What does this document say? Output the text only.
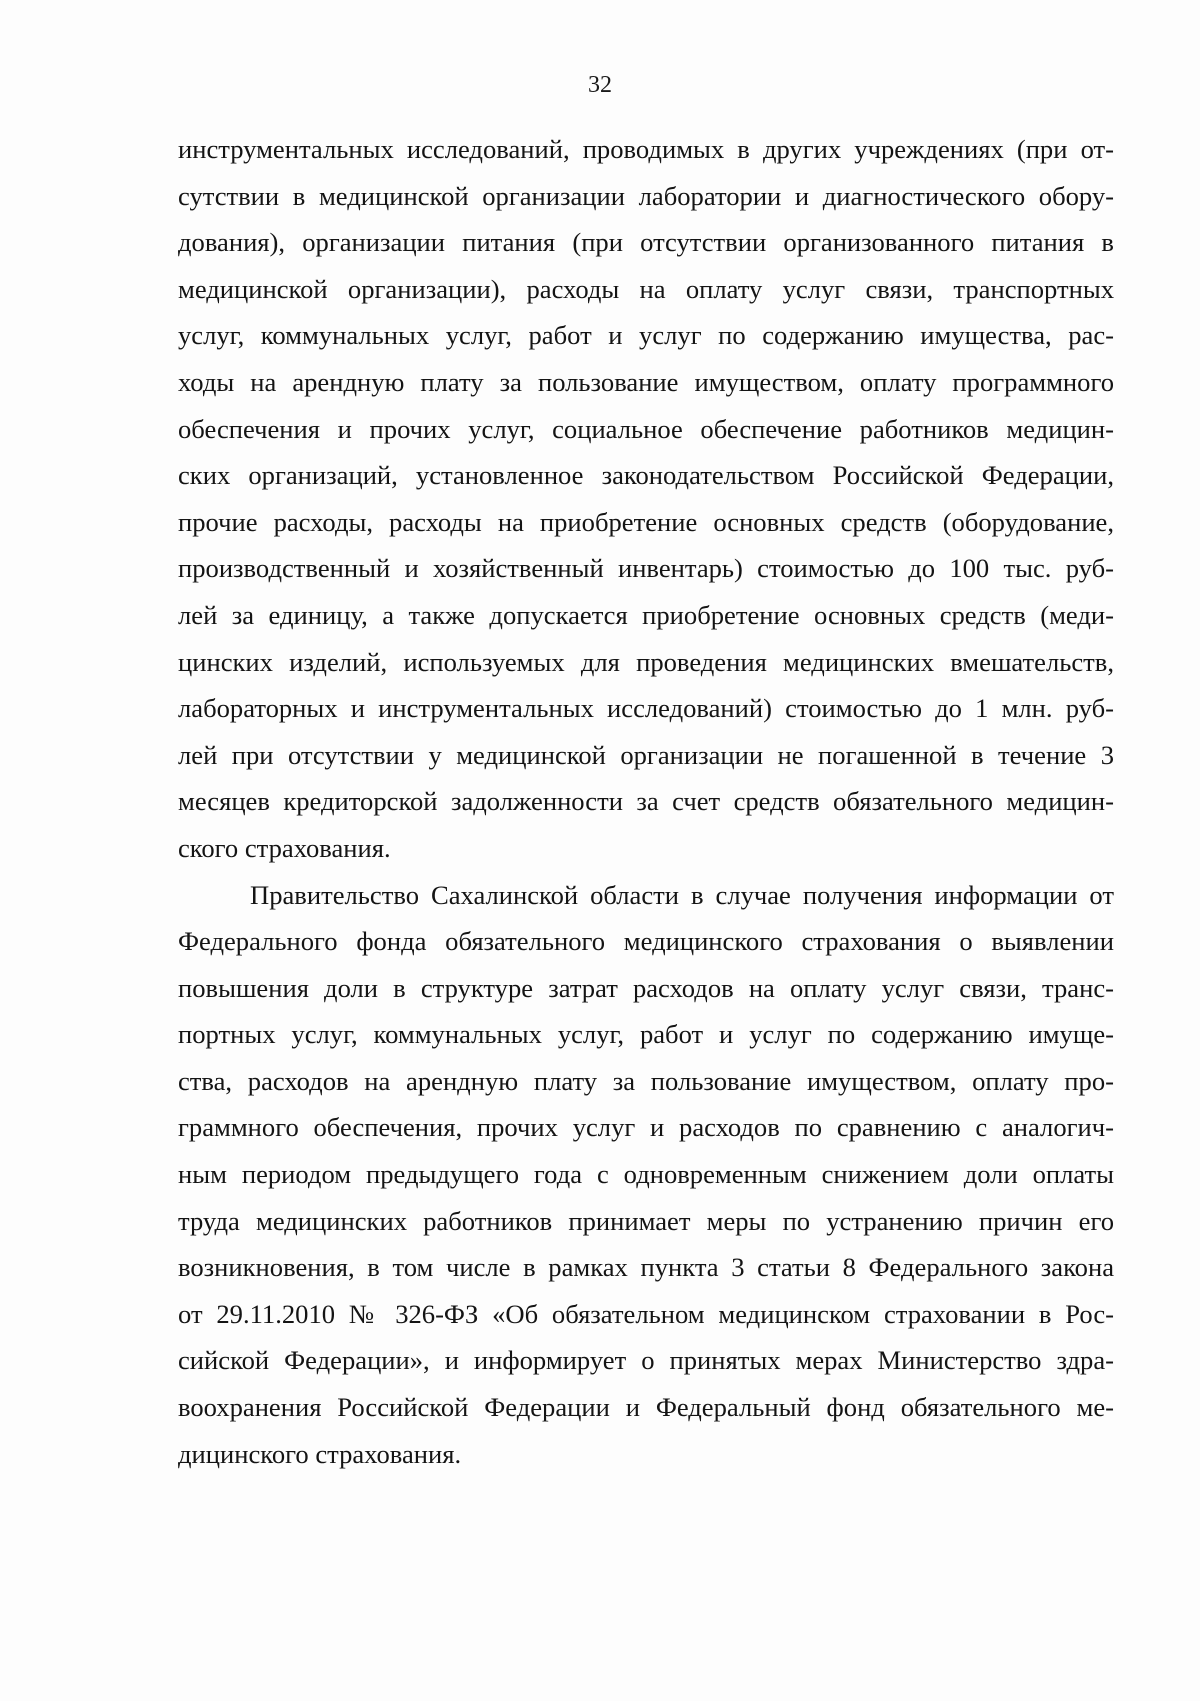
32
инструментальных исследований, проводимых в других учреждениях (при от-
сутствии в медицинской организации лаборатории и диагностического обору-
дования), организации питания (при отсутствии организованного питания в
медицинской организации), расходы на оплату услуг связи, транспортных
услуг, коммунальных услуг, работ и услуг по содержанию имущества, рас-
ходы на арендную плату за пользование имуществом, оплату программного
обеспечения и прочих услуг, социальное обеспечение работников медицин-
ских организаций, установленное законодательством Российской Федерации,
прочие расходы, расходы на приобретение основных средств (оборудование,
производственный и хозяйственный инвентарь) стоимостью до 100 тыс. руб-
лей за единицу, а также допускается приобретение основных средств (меди-
цинских изделий, используемых для проведения медицинских вмешательств,
лабораторных и инструментальных исследований) стоимостью до 1 млн. руб-
лей при отсутствии у медицинской организации не погашенной в течение 3
месяцев кредиторской задолженности за счет средств обязательного медицин-
ского страхования.
Правительство Сахалинской области в случае получения информации от
Федерального фонда обязательного медицинского страхования о выявлении
повышения доли в структуре затрат расходов на оплату услуг связи, транс-
портных услуг, коммунальных услуг, работ и услуг по содержанию имуще-
ства, расходов на арендную плату за пользование имуществом, оплату про-
граммного обеспечения, прочих услуг и расходов по сравнению с аналогич-
ным периодом предыдущего года с одновременным снижением доли оплаты
труда медицинских работников принимает меры по устранению причин его
возникновения, в том числе в рамках пункта 3 статьи 8 Федерального закона
от 29.11.2010 № 326-ФЗ «Об обязательном медицинском страховании в Рос-
сийской Федерации», и информирует о принятых мерах Министерство здра-
воохранения Российской Федерации и Федеральный фонд обязательного ме-
дицинского страхования.
